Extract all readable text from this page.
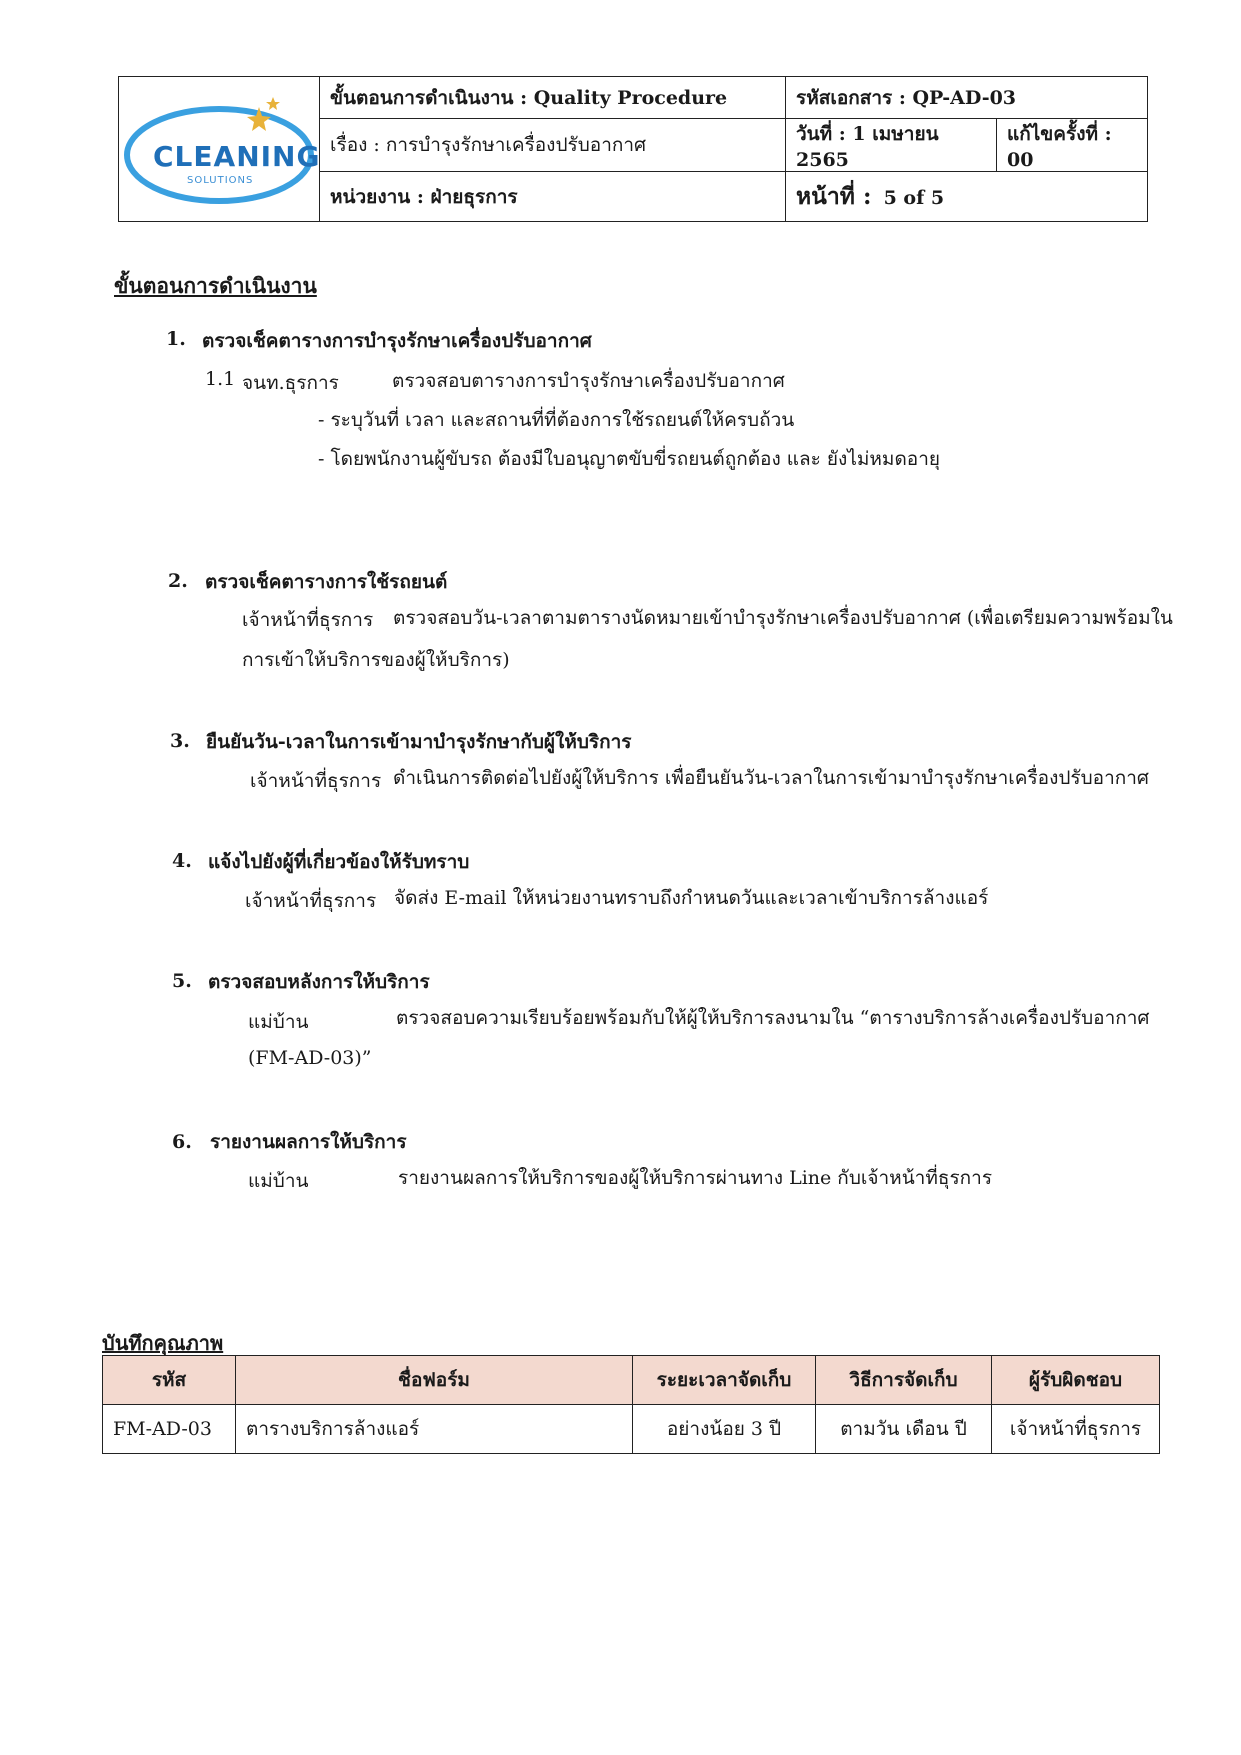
CLEANING
SOLUTIONS	ขั้นตอนการดำเนินงาน : Quality Procedure	รหัสเอกสาร : QP-AD-03	
	เรื่อง : การบำรุงรักษาเครื่องปรับอากาศ	วันที่ : 1 เมษายน 2565	แก้ไขครั้งที่ : 00
	หน่วยงาน : ฝ่ายธุรการ	หน้าที่ : 5 of 5	
ขั้นตอนการดำเนินงาน
1. ตรวจเช็คตารางการบำรุงรักษาเครื่องปรับอากาศ
1.1 จนท.ธุรการ	ตรวจสอบตารางการบำรุงรักษาเครื่องปรับอากาศ
- ระบุวันที่ เวลา และสถานที่ที่ต้องการใช้รถยนต์ให้ครบถ้วน
- โดยพนักงานผู้ขับรถ ต้องมีใบอนุญาตขับขี่รถยนต์ถูกต้อง และ ยังไม่หมดอายุ
2. ตรวจเช็คตารางการใช้รถยนต์
เจ้าหน้าที่ธุรการ ตรวจสอบวัน-เวลาตามตารางนัดหมายเข้าบำรุงรักษาเครื่องปรับอากาศ (เพื่อเตรียมความพร้อมใน
การเข้าให้บริการของผู้ให้บริการ)
3. ยืนยันวัน-เวลาในการเข้ามาบำรุงรักษากับผู้ให้บริการ
เจ้าหน้าที่ธุรการ ดำเนินการติดต่อไปยังผู้ให้บริการ เพื่อยืนยันวัน-เวลาในการเข้ามาบำรุงรักษาเครื่องปรับอากาศ
4. แจ้งไปยังผู้ที่เกี่ยวข้องให้รับทราบ
เจ้าหน้าที่ธุรการ จัดส่ง E-mail ให้หน่วยงานทราบถึงกำหนดวันและเวลาเข้าบริการล้างแอร์
5. ตรวจสอบหลังการให้บริการ
แม่บ้าน	ตรวจสอบความเรียบร้อยพร้อมกับให้ผู้ให้บริการลงนามใน “ตารางบริการล้างเครื่องปรับอากาศ
(FM-AD-03)”
6. รายงานผลการให้บริการ
แม่บ้าน	รายงานผลการให้บริการของผู้ให้บริการผ่านทาง Line กับเจ้าหน้าที่ธุรการ
บันทึกคุณภาพ
รหัส	ชื่อฟอร์ม	ระยะเวลาจัดเก็บ	วิธีการจัดเก็บ	ผู้รับผิดชอบ
FM-AD-03	ตารางบริการล้างแอร์	อย่างน้อย 3 ปี	ตามวัน เดือน ปี	เจ้าหน้าที่ธุรการ
